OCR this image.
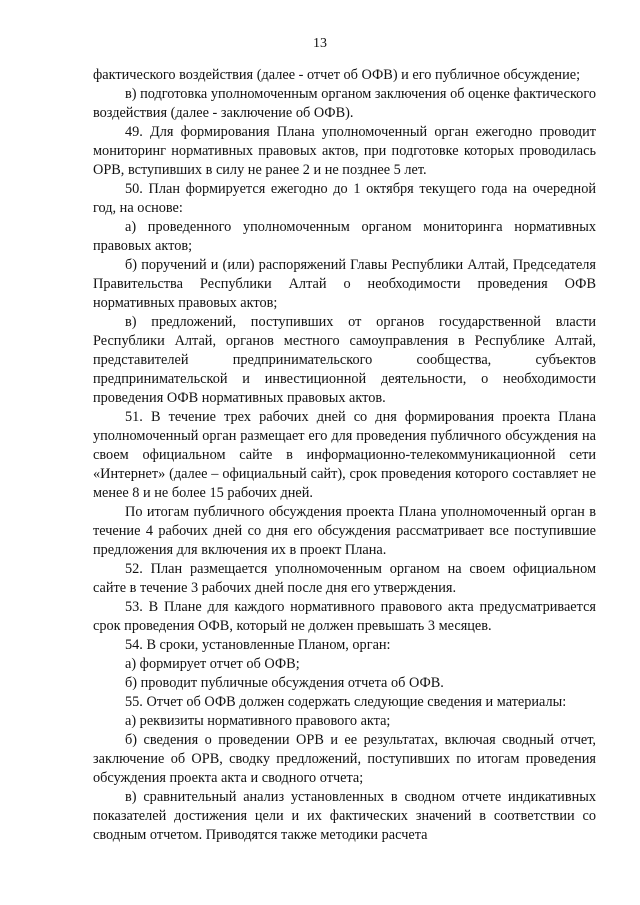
13

фактического воздействия (далее - отчет об ОФВ) и его публичное обсуждение;

в) подготовка уполномоченным органом заключения об оценке фактического воздействия (далее - заключение об ОФВ).

49. Для формирования Плана уполномоченный орган ежегодно проводит мониторинг нормативных правовых актов, при подготовке которых проводилась ОРВ, вступивших в силу не ранее 2 и не позднее 5 лет.

50. План формируется ежегодно до 1 октября текущего года на очередной год, на основе:

а) проведенного уполномоченным органом мониторинга нормативных правовых актов;

б) поручений и (или) распоряжений Главы Республики Алтай, Председателя Правительства Республики Алтай о необходимости проведения ОФВ нормативных правовых актов;

в) предложений, поступивших от органов государственной власти Республики Алтай, органов местного самоуправления в Республике Алтай, представителей предпринимательского сообщества, субъектов предпринимательской и инвестиционной деятельности, о необходимости проведения ОФВ нормативных правовых актов.

51. В течение трех рабочих дней со дня формирования проекта Плана уполномоченный орган размещает его для проведения публичного обсуждения на своем официальном сайте в информационно-телекоммуникационной сети «Интернет» (далее – официальный сайт), срок проведения которого составляет не менее 8 и не более 15 рабочих дней.

По итогам публичного обсуждения проекта Плана уполномоченный орган в течение 4 рабочих дней со дня его обсуждения рассматривает все поступившие предложения для включения их в проект Плана.

52. План размещается уполномоченным органом на своем официальном сайте в течение 3 рабочих дней после дня его утверждения.

53. В Плане для каждого нормативного правового акта предусматривается срок проведения ОФВ, который не должен превышать 3 месяцев.

54. В сроки, установленные Планом, орган:

а) формирует отчет об ОФВ;

б) проводит публичные обсуждения отчета об ОФВ.

55. Отчет об ОФВ должен содержать следующие сведения и материалы:

а) реквизиты нормативного правового акта;

б) сведения о проведении ОРВ и ее результатах, включая сводный отчет, заключение об ОРВ, сводку предложений, поступивших по итогам проведения обсуждения проекта акта и сводного отчета;

в) сравнительный анализ установленных в сводном отчете индикативных показателей достижения цели и их фактических значений в соответствии со сводным отчетом. Приводятся также методики расчета
